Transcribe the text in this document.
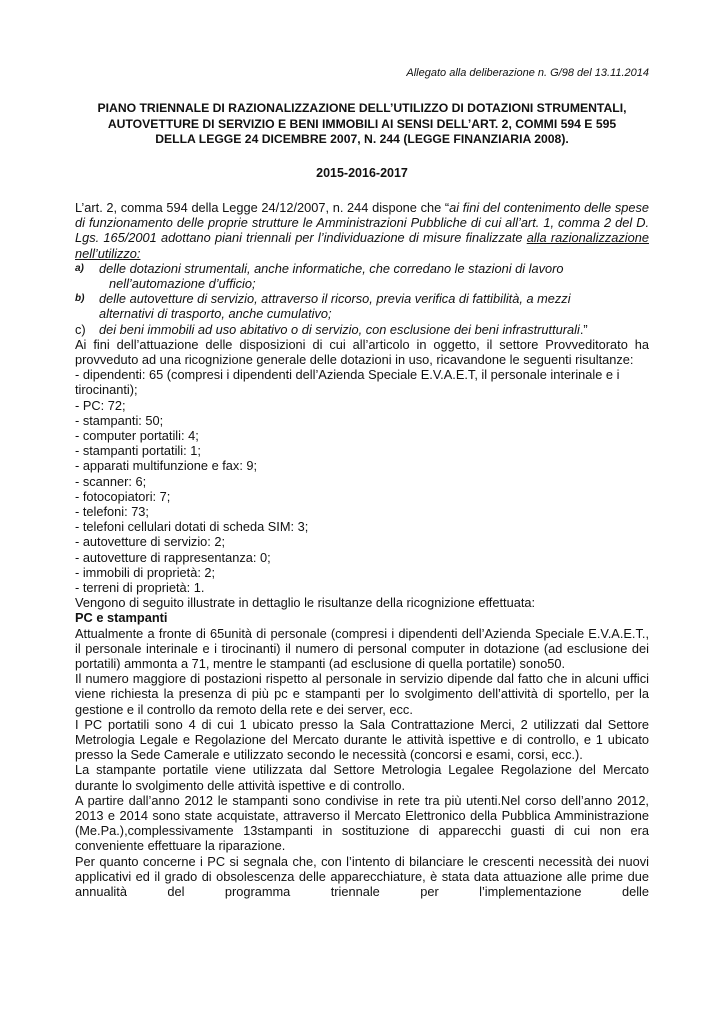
Allegato alla deliberazione n. G/98 del 13.11.2014
PIANO TRIENNALE DI RAZIONALIZZAZIONE DELL’UTILIZZO DI DOTAZIONI STRUMENTALI,
AUTOVETTURE DI SERVIZIO E BENI IMMOBILI AI SENSI DELL’ART. 2, COMMI 594 E 595
DELLA LEGGE 24 DICEMBRE 2007, N. 244 (LEGGE FINANZIARIA 2008).
2015-2016-2017

L’art. 2, comma 594 della Legge 24/12/2007, n. 244 dispone che “ai fini del contenimento delle spese di funzionamento delle proprie strutture le Amministrazioni Pubbliche di cui all’art. 1, comma 2 del D. Lgs. 165/2001 adottano piani triennali per l’individuazione di misure finalizzate alla razionalizzazione nell’utilizzo:

a)	delle dotazioni strumentali, anche informatiche, che corredano le stazioni di lavoro
nell’automazione d’ufficio;
b)	delle autovetture di servizio, attraverso il ricorso, previa verifica di fattibilità, a mezzi
alternativi di trasporto, anche cumulativo;
c)	dei beni immobili ad uso abitativo o di servizio, con esclusione dei beni infrastrutturali.”

Ai fini dell’attuazione delle disposizioni di cui all’articolo in oggetto, il settore Provveditorato ha provveduto ad una ricognizione generale delle dotazioni in uso, ricavandone le seguenti risultanze:

- dipendenti: 65 (compresi i dipendenti dell’Azienda Speciale E.V.A.E.T, il personale interinale e i tirocinanti);
- PC: 72;
- stampanti: 50;
- computer portatili: 4;
- stampanti portatili: 1;
- apparati multifunzione e fax: 9;
- scanner: 6;
- fotocopiatori: 7;
- telefoni: 73;
- telefoni cellulari dotati di scheda SIM: 3;
- autovetture di servizio: 2;
- autovetture di rappresentanza: 0;
- immobili di proprietà: 2;
- terreni di proprietà: 1.

Vengono di seguito illustrate in dettaglio le risultanze della ricognizione effettuata:

PC e stampanti

Attualmente a fronte di 65unità di personale (compresi i dipendenti dell’Azienda Speciale E.V.A.E.T., il personale interinale e i tirocinanti) il numero di personal computer in dotazione (ad esclusione dei portatili) ammonta a 71, mentre le stampanti (ad esclusione di quella portatile) sono50.

Il numero maggiore di postazioni rispetto al personale in servizio dipende dal fatto che in alcuni uffici viene richiesta la presenza di più pc e stampanti per lo svolgimento dell’attività di sportello, per la gestione e il controllo da remoto della rete e dei server, ecc.

I PC portatili sono 4 di cui 1 ubicato presso la Sala Contrattazione Merci, 2 utilizzati dal Settore Metrologia Legale e Regolazione del Mercato durante le attività ispettive e di controllo, e 1 ubicato presso la Sede Camerale e utilizzato secondo le necessità (concorsi e esami, corsi, ecc.).

La stampante portatile viene utilizzata dal Settore Metrologia Legalee Regolazione del Mercato durante lo svolgimento delle attività ispettive e di controllo.

A partire dall’anno 2012 le stampanti sono condivise in rete tra più utenti.Nel corso dell’anno 2012, 2013 e 2014 sono state acquistate, attraverso il Mercato Elettronico della Pubblica Amministrazione (Me.Pa.),complessivamente 13stampanti in sostituzione di apparecchi guasti di cui non era conveniente effettuare la riparazione.

Per quanto concerne i PC si segnala che, con l’intento di bilanciare le crescenti necessità dei nuovi applicativi ed il grado di obsolescenza delle apparecchiature, è stata data attuazione alle prime due annualità del programma triennale per l’implementazione delle
